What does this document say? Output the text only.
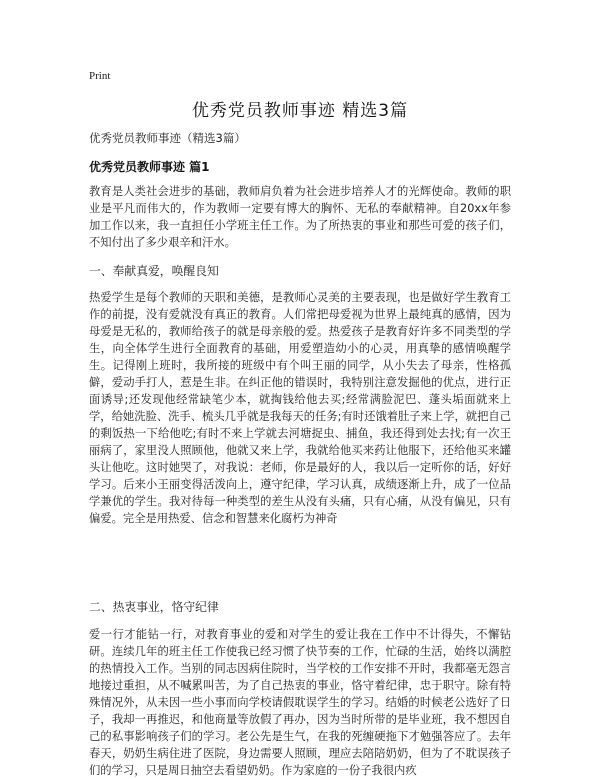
Print
优秀党员教师事迹 精选3篇
优秀党员教师事迹（精选3篇）
优秀党员教师事迹 篇1
教育是人类社会进步的基础，教师肩负着为社会进步培养人才的光辉使命。教师的职业是平凡而伟大的，作为教师一定要有博大的胸怀、无私的奉献精神。自20xx年参加工作以来，我一直担任小学班主任工作。为了所热衷的事业和那些可爱的孩子们，不知付出了多少艰辛和汗水。
一、奉献真爱，唤醒良知
热爱学生是每个教师的天职和美德，是教师心灵美的主要表现，也是做好学生教育工作的前提，没有爱就没有真正的教育。人们常把母爱视为世界上最纯真的感情，因为母爱是无私的，教师给孩子的就是母亲般的爱。热爱孩子是教育好许多不同类型的学生，向全体学生进行全面教育的基础，用爱塑造幼小的心灵，用真挚的感情唤醒学生。记得刚上班时，我所接的班级中有个叫王丽的同学，从小失去了母亲，性格孤僻，爱动手打人，惹是生非。在纠正他的错误时，我特别注意发掘他的优点，进行正面诱导;还发现他经常缺笔少本，就掏钱给他去买;经常满脸泥巴、蓬头垢面就来上学，给她洗脸、洗手、梳头几乎就是我每天的任务;有时还饿着肚子来上学，就把自己的剩饭热一下给他吃;有时不来上学就去河塘捉虫、捕鱼，我还得到处去找;有一次王丽病了，家里没人照顾他，他就又来上学，我就给他买来药让他服下，还给他买来罐头让他吃。这时她哭了，对我说：老师，你是最好的人，我以后一定听你的话，好好学习。后来小王丽变得活泼向上，遵守纪律，学习认真，成绩逐渐上升，成了一位品学兼优的学生。我对待每一种类型的差生从没有头痛，只有心痛，从没有偏见，只有偏爱。完全是用热爱、信念和智慧来化腐朽为神奇
二、热衷事业，恪守纪律
爱一行才能钻一行，对教育事业的爱和对学生的爱让我在工作中不计得失，不懈钻研。连续几年的班主任工作使我已经习惯了快节奏的工作，忙碌的生活，始终以满腔的热情投入工作。当别的同志因病住院时，当学校的工作安排不开时，我都毫无怨言地接过重担，从不喊累叫苦，为了自己热衷的事业，恪守着纪律，忠于职守。除有特殊情况外，从未因一些小事而向学校请假耽误学生的学习。结婚的时候老公选好了日子，我却一再推迟，和他商量等放假了再办，因为当时所带的是毕业班，我不想因自己的私事影响孩子们的学习。老公先是生气，在我的死缠硬拖下才勉强答应了。去年春天，奶奶生病住进了医院，身边需要人照顾，理应去陪陪奶奶，但为了不耽误孩子们的学习，只是周日抽空去看望奶奶。作为家庭的一份子我很内疚
